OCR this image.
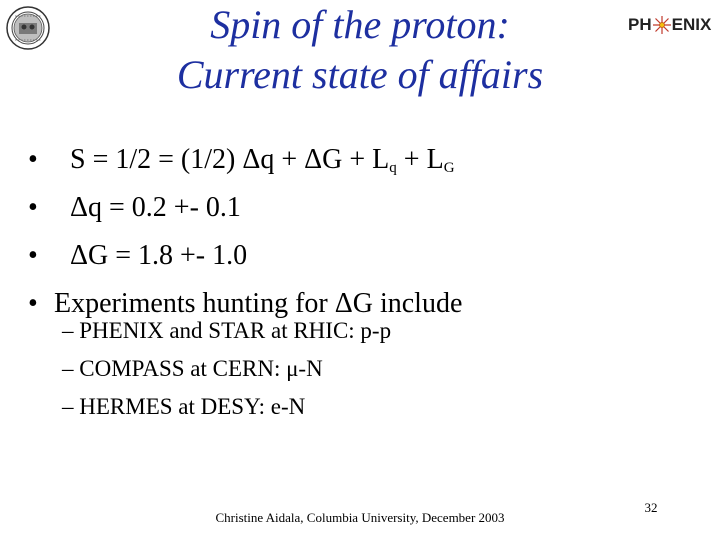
Spin of the proton:
Current state of affairs
PH ENIX
• S = 1/2 = (1/2) $\Delta q + \Delta G + L_q + L_G$
• Δq = 0.2 +- 0.1
• ΔG = 1.8 +- 1.0
• Experiments hunting for ΔG include
– PHENIX and STAR at RHIC: p-p
– COMPASS at CERN: μ-N
– HERMES at DESY: e-N
Christine Aidala, Columbia University, December 2003
32
